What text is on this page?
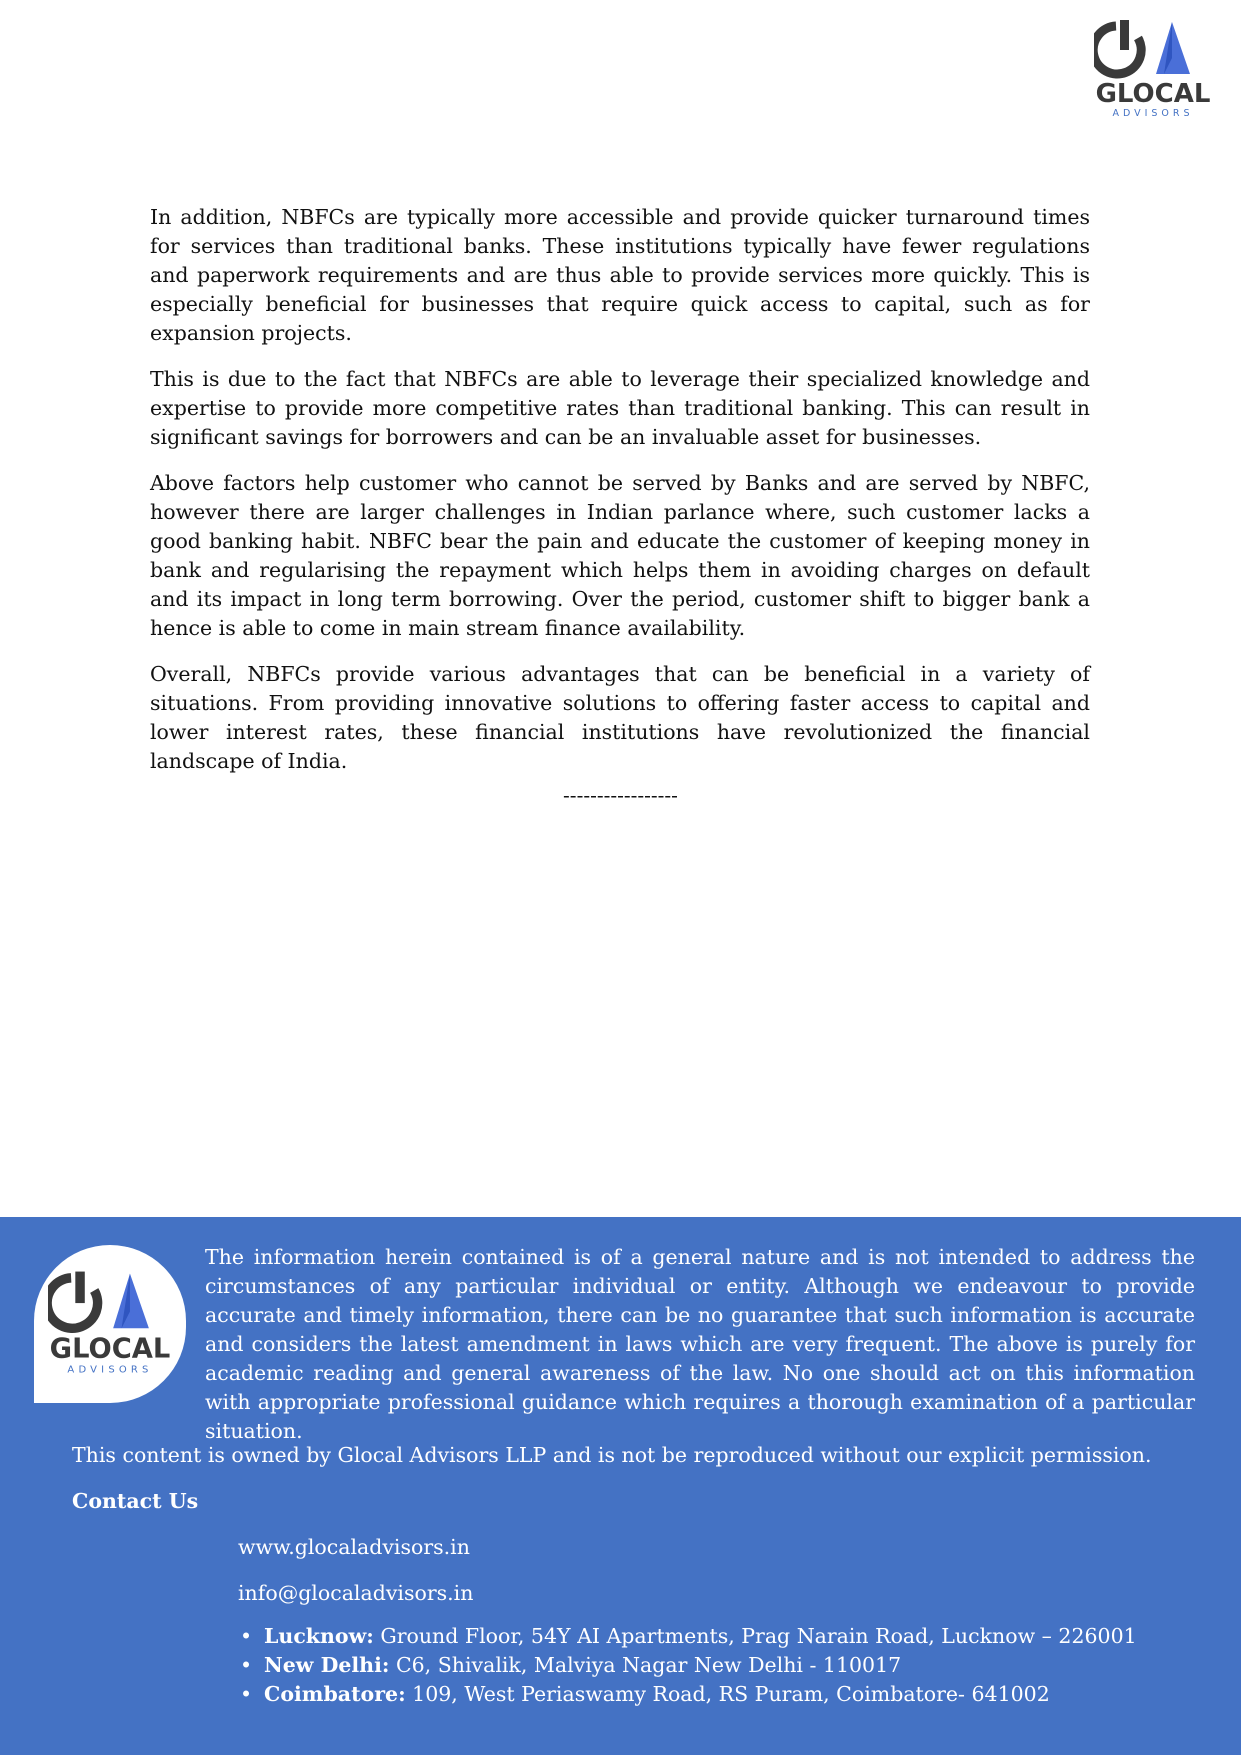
GLOCAL
ADVISORS

In addition, NBFCs are typically more accessible and provide quicker turnaround times for services than traditional banks. These institutions typically have fewer regulations and paperwork requirements and are thus able to provide services more quickly. This is especially beneficial for businesses that require quick access to capital, such as for expansion projects.

This is due to the fact that NBFCs are able to leverage their specialized knowledge and expertise to provide more competitive rates than traditional banking. This can result in significant savings for borrowers and can be an invaluable asset for businesses.

Above factors help customer who cannot be served by Banks and are served by NBFC, however there are larger challenges in Indian parlance where, such customer lacks a good banking habit. NBFC bear the pain and educate the customer of keeping money in bank and regularising the repayment which helps them in avoiding charges on default and its impact in long term borrowing. Over the period, customer shift to bigger bank a hence is able to come in main stream finance availability.

Overall, NBFCs provide various advantages that can be beneficial in a variety of situations. From providing innovative solutions to offering faster access to capital and lower interest rates, these financial institutions have revolutionized the financial landscape of India.

-----------------
GLOCAL
ADVISORS

The information herein contained is of a general nature and is not intended to address the circumstances of any particular individual or entity. Although we endeavour to provide accurate and timely information, there can be no guarantee that such information is accurate and considers the latest amendment in laws which are very frequent. The above is purely for academic reading and general awareness of the law. No one should act on this information with appropriate professional guidance which requires a thorough examination of a particular situation.

This content is owned by Glocal Advisors LLP and is not be reproduced without our explicit permission.

Contact Us

www.glocaladvisors.in

info@glocaladvisors.in

• Lucknow: Ground Floor, 54Y AI Apartments, Prag Narain Road, Lucknow – 226001
• New Delhi: C6, Shivalik, Malviya Nagar New Delhi - 110017
• Coimbatore: 109, West Periaswamy Road, RS Puram, Coimbatore- 641002
